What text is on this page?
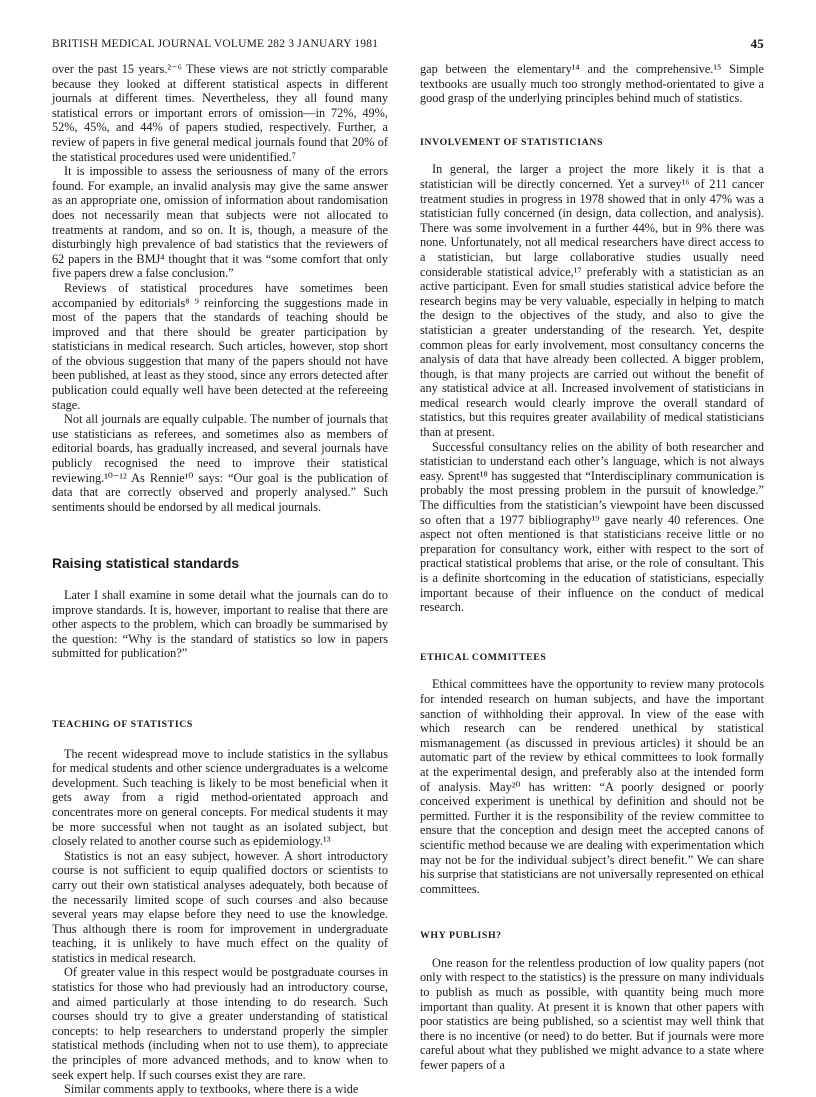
BRITISH MEDICAL JOURNAL VOLUME 282 3 JANUARY 1981	45

over the past 15 years.²⁻⁶ These views are not strictly comparable because they looked at different statistical aspects in different journals at different times. Nevertheless, they all found many statistical errors or important errors of omission—in 72%, 49%, 52%, 45%, and 44% of papers studied, respectively. Further, a review of papers in five general medical journals found that 20% of the statistical procedures used were unidentified.⁷

It is impossible to assess the seriousness of many of the errors found. For example, an invalid analysis may give the same answer as an appropriate one, omission of information about randomisation does not necessarily mean that subjects were not allocated to treatments at random, and so on. It is, though, a measure of the disturbingly high prevalence of bad statistics that the reviewers of 62 papers in the BMJ⁴ thought that it was “some comfort that only five papers drew a false conclusion.”

Reviews of statistical procedures have sometimes been accompanied by editorials⁸ ⁹ reinforcing the suggestions made in most of the papers that the standards of teaching should be improved and that there should be greater participation by statisticians in medical research. Such articles, however, stop short of the obvious suggestion that many of the papers should not have been published, at least as they stood, since any errors detected after publication could equally well have been detected at the refereeing stage.

Not all journals are equally culpable. The number of journals that use statisticians as referees, and sometimes also as members of editorial boards, has gradually increased, and several journals have publicly recognised the need to improve their statistical reviewing.¹⁰⁻¹² As Rennie¹⁰ says: “Our goal is the publication of data that are correctly observed and properly analysed.” Such sentiments should be endorsed by all medical journals.

Raising statistical standards

Later I shall examine in some detail what the journals can do to improve standards. It is, however, important to realise that there are other aspects to the problem, which can broadly be summarised by the question: “Why is the standard of statistics so low in papers submitted for publication?”

TEACHING OF STATISTICS

The recent widespread move to include statistics in the syllabus for medical students and other science undergraduates is a welcome development. Such teaching is likely to be most beneficial when it gets away from a rigid method-orientated approach and concentrates more on general concepts. For medical students it may be more successful when not taught as an isolated subject, but closely related to another course such as epidemiology.¹³

Statistics is not an easy subject, however. A short introductory course is not sufficient to equip qualified doctors or scientists to carry out their own statistical analyses adequately, both because of the necessarily limited scope of such courses and also because several years may elapse before they need to use the knowledge. Thus although there is room for improvement in undergraduate teaching, it is unlikely to have much effect on the quality of statistics in medical research.

Of greater value in this respect would be postgraduate courses in statistics for those who had previously had an introductory course, and aimed particularly at those intending to do research. Such courses should try to give a greater understanding of statistical concepts: to help researchers to understand properly the simpler statistical methods (including when not to use them), to appreciate the principles of more advanced methods, and to know when to seek expert help. If such courses exist they are rare.

Similar comments apply to textbooks, where there is a wide

gap between the elementary¹⁴ and the comprehensive.¹⁵ Simple textbooks are usually much too strongly method-orientated to give a good grasp of the underlying principles behind much of statistics.

INVOLVEMENT OF STATISTICIANS

In general, the larger a project the more likely it is that a statistician will be directly concerned. Yet a survey¹⁶ of 211 cancer treatment studies in progress in 1978 showed that in only 47% was a statistician fully concerned (in design, data collection, and analysis). There was some involvement in a further 44%, but in 9% there was none. Unfortunately, not all medical researchers have direct access to a statistician, but large collaborative studies usually need considerable statistical advice,¹⁷ preferably with a statistician as an active participant. Even for small studies statistical advice before the research begins may be very valuable, especially in helping to match the design to the objectives of the study, and also to give the statistician a greater understanding of the research. Yet, despite common pleas for early involvement, most consultancy concerns the analysis of data that have already been collected. A bigger problem, though, is that many projects are carried out without the benefit of any statistical advice at all. Increased involvement of statisticians in medical research would clearly improve the overall standard of statistics, but this requires greater availability of medical statisticians than at present.

Successful consultancy relies on the ability of both researcher and statistician to understand each other’s language, which is not always easy. Sprent¹⁸ has suggested that “Interdisciplinary communication is probably the most pressing problem in the pursuit of knowledge.” The difficulties from the statistician’s viewpoint have been discussed so often that a 1977 bibliography¹⁹ gave nearly 40 references. One aspect not often mentioned is that statisticians receive little or no preparation for consultancy work, either with respect to the sort of practical statistical problems that arise, or the role of consultant. This is a definite shortcoming in the education of statisticians, especially important because of their influence on the conduct of medical research.

ETHICAL COMMITTEES

Ethical committees have the opportunity to review many protocols for intended research on human subjects, and have the important sanction of withholding their approval. In view of the ease with which research can be rendered unethical by statistical mismanagement (as discussed in previous articles) it should be an automatic part of the review by ethical committees to look formally at the experimental design, and preferably also at the intended form of analysis. May²⁰ has written: “A poorly designed or poorly conceived experiment is unethical by definition and should not be permitted. Further it is the responsibility of the review committee to ensure that the conception and design meet the accepted canons of scientific method because we are dealing with experimentation which may not be for the individual subject’s direct benefit.” We can share his surprise that statisticians are not universally represented on ethical committees.

WHY PUBLISH?

One reason for the relentless production of low quality papers (not only with respect to the statistics) is the pressure on many individuals to publish as much as possible, with quantity being much more important than quality. At present it is known that other papers with poor statistics are being published, so a scientist may well think that there is no incentive (or need) to do better. But if journals were more careful about what they published we might advance to a state where fewer papers of a
